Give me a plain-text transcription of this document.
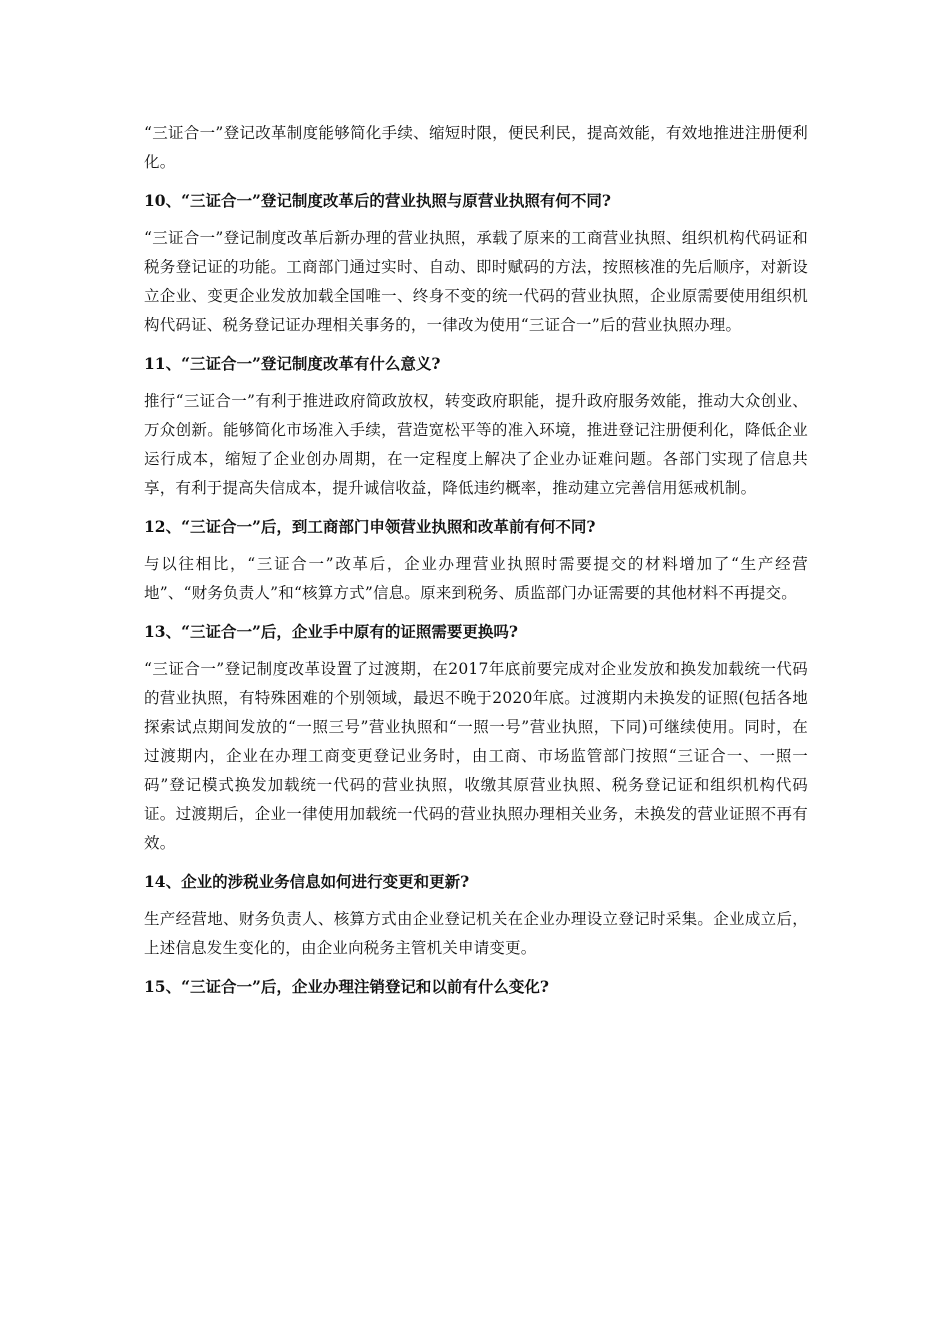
“三证合一”登记改革制度能够简化手续、缩短时限，便民利民，提高效能，有效地推进注册便利化。

10、“三证合一”登记制度改革后的营业执照与原营业执照有何不同?

“三证合一”登记制度改革后新办理的营业执照，承载了原来的工商营业执照、组织机构代码证和税务登记证的功能。工商部门通过实时、自动、即时赋码的方法，按照核准的先后顺序，对新设立企业、变更企业发放加载全国唯一、终身不变的统一代码的营业执照，企业原需要使用组织机构代码证、税务登记证办理相关事务的，一律改为使用“三证合一”后的营业执照办理。

11、“三证合一”登记制度改革有什么意义?

推行“三证合一”有利于推进政府简政放权，转变政府职能，提升政府服务效能，推动大众创业、万众创新。能够简化市场准入手续，营造宽松平等的准入环境，推进登记注册便利化，降低企业运行成本，缩短了企业创办周期，在一定程度上解决了企业办证难问题。各部门实现了信息共享，有利于提高失信成本，提升诚信收益，降低违约概率，推动建立完善信用惩戒机制。

12、“三证合一”后，到工商部门申领营业执照和改革前有何不同?

与以往相比，“三证合一”改革后，企业办理营业执照时需要提交的材料增加了“生产经营地”、“财务负责人”和“核算方式”信息。原来到税务、质监部门办证需要的其他材料不再提交。

13、“三证合一”后，企业手中原有的证照需要更换吗?

“三证合一”登记制度改革设置了过渡期，在2017年底前要完成对企业发放和换发加载统一代码的营业执照，有特殊困难的个别领域，最迟不晚于2020年底。过渡期内未换发的证照(包括各地探索试点期间发放的“一照三号”营业执照和“一照一号”营业执照，下同)可继续使用。同时，在过渡期内，企业在办理工商变更登记业务时，由工商、市场监管部门按照“三证合一、一照一码”登记模式换发加载统一代码的营业执照，收缴其原营业执照、税务登记证和组织机构代码证。过渡期后，企业一律使用加载统一代码的营业执照办理相关业务，未换发的营业证照不再有效。

14、企业的涉税业务信息如何进行变更和更新?

生产经营地、财务负责人、核算方式由企业登记机关在企业办理设立登记时采集。企业成立后，上述信息发生变化的，由企业向税务主管机关申请变更。

15、“三证合一”后，企业办理注销登记和以前有什么变化?
